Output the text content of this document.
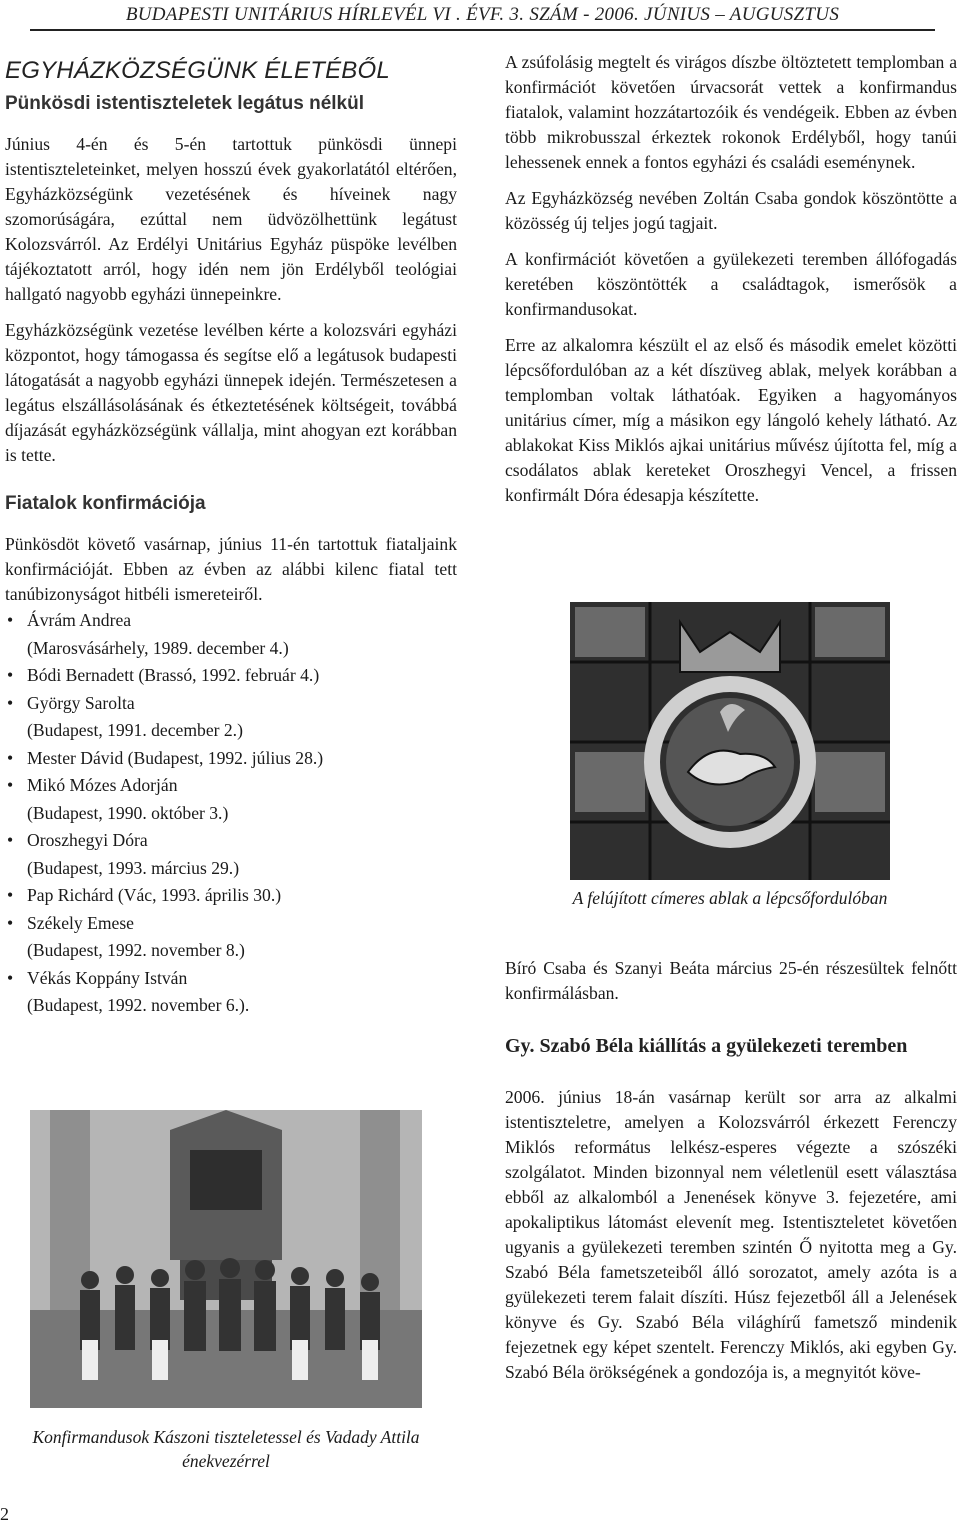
BUDAPESTI UNITÁRIUS HÍRLEVÉL VI . ÉVF. 3. SZÁM - 2006. JÚNIUS – AUGUSZTUS
EGYHÁZKÖZSÉGÜNK ÉLETÉBŐL
Pünkösdi istentiszteletek legátus nélkül

Június 4-én és 5-én tartottuk pünkösdi ünnepi istentiszteleteinket, melyen hosszú évek gyakorlatától eltérően, Egyházközségünk vezetésének és híveinek nagy szomorúságára, ezúttal nem üdvözölhettünk legátust Kolozsvárról. Az Erdélyi Unitárius Egyház püspöke levélben tájékoztatott arról, hogy idén nem jön Erdélyből teológiai hallgató nagyobb egyházi ünnepeinkre.

Egyházközségünk vezetése levélben kérte a kolozsvári egyházi központot, hogy támogassa és segítse elő a legátusok budapesti látogatását a nagyobb egyházi ünnepek idején. Természetesen a legátus elszállásolásának és étkeztetésének költségeit, továbbá díjazását egyházközségünk vállalja, mint ahogyan ezt korábban is tette.

Fiatalok konfirmációja

Pünkösdöt követő vasárnap, június 11-én tartottuk fiataljaink konfirmációját. Ebben az évben az alábbi kilenc fiatal tett tanúbizonyságot hitbéli ismereteiről.

• Ávrám Andrea
(Marosvásárhely, 1989. december 4.)
• Bódi Bernadett (Brassó, 1992. február 4.)
• György Sarolta
(Budapest, 1991. december 2.)
• Mester Dávid (Budapest, 1992. július 28.)
• Mikó Mózes Adorján
(Budapest, 1990. október 3.)
• Oroszhegyi Dóra
(Budapest, 1993. március 29.)
• Pap Richárd (Vác, 1993. április 30.)
• Székely Emese
(Budapest, 1992. november 8.)
• Vékás Koppány István
(Budapest, 1992. november 6.).
Konfirmandusok Kászoni tiszteletessel és Vadady Attila énekvezérrel

A zsúfolásig megtelt és virágos díszbe öltöztetett templomban a konfirmációt követően úrvacsorát vettek a konfirmandus fiatalok, valamint hozzátartozóik és vendégeik. Ebben az évben több mikrobusszal érkeztek rokonok Erdélyből, hogy tanúi lehessenek ennek a fontos egyházi és családi eseménynek.

Az Egyházközség nevében Zoltán Csaba gondok köszöntötte a közösség új teljes jogú tagjait.

A konfirmációt követően a gyülekezeti teremben állófogadás keretében köszöntötték a családtagok, ismerősök a konfirmandusokat.

Erre az alkalomra készült el az első és második emelet közötti lépcsőfordulóban az a két díszüveg ablak, melyek korábban a templomban voltak láthatóak. Egyiken a hagyományos unitárius címer, míg a másikon egy lángoló kehely látható. Az ablakokat Kiss Miklós ajkai unitárius művész újította fel, míg a csodálatos ablak kereteket Oroszhegyi Vencel, a frissen konfirmált Dóra édesapja készítette.

A felújított címeres ablak a lépcsőfordulóban

Bíró Csaba és Szanyi Beáta március 25-én részesültek felnőtt konfirmálásban.

Gy. Szabó Béla kiállítás a gyülekezeti teremben

2006. június 18-án vasárnap került sor arra az alkalmi istentiszteletre, amelyen a Kolozsvárról érkezett Ferenczy Miklós református lelkész-esperes végezte a szószéki szolgálatot. Minden bizonnyal nem véletlenül esett választása ebből az alkalomból a Jenenések könyve 3. fejezetére, ami apokaliptikus látomást elevenít meg. Istentiszteletet követően ugyanis a gyülekezeti teremben szintén Ő nyitotta meg a Gy. Szabó Béla fametszeteiből álló sorozatot, amely azóta is a gyülekezeti terem falait díszíti. Húsz fejezetből áll a Jelenések könyve és Gy. Szabó Béla világhírű fametsző mindenik fejezetnek egy képet szentelt. Ferenczy Miklós, aki egyben Gy. Szabó Béla örökségének a gondozója is, a megnyitót köve-

2
